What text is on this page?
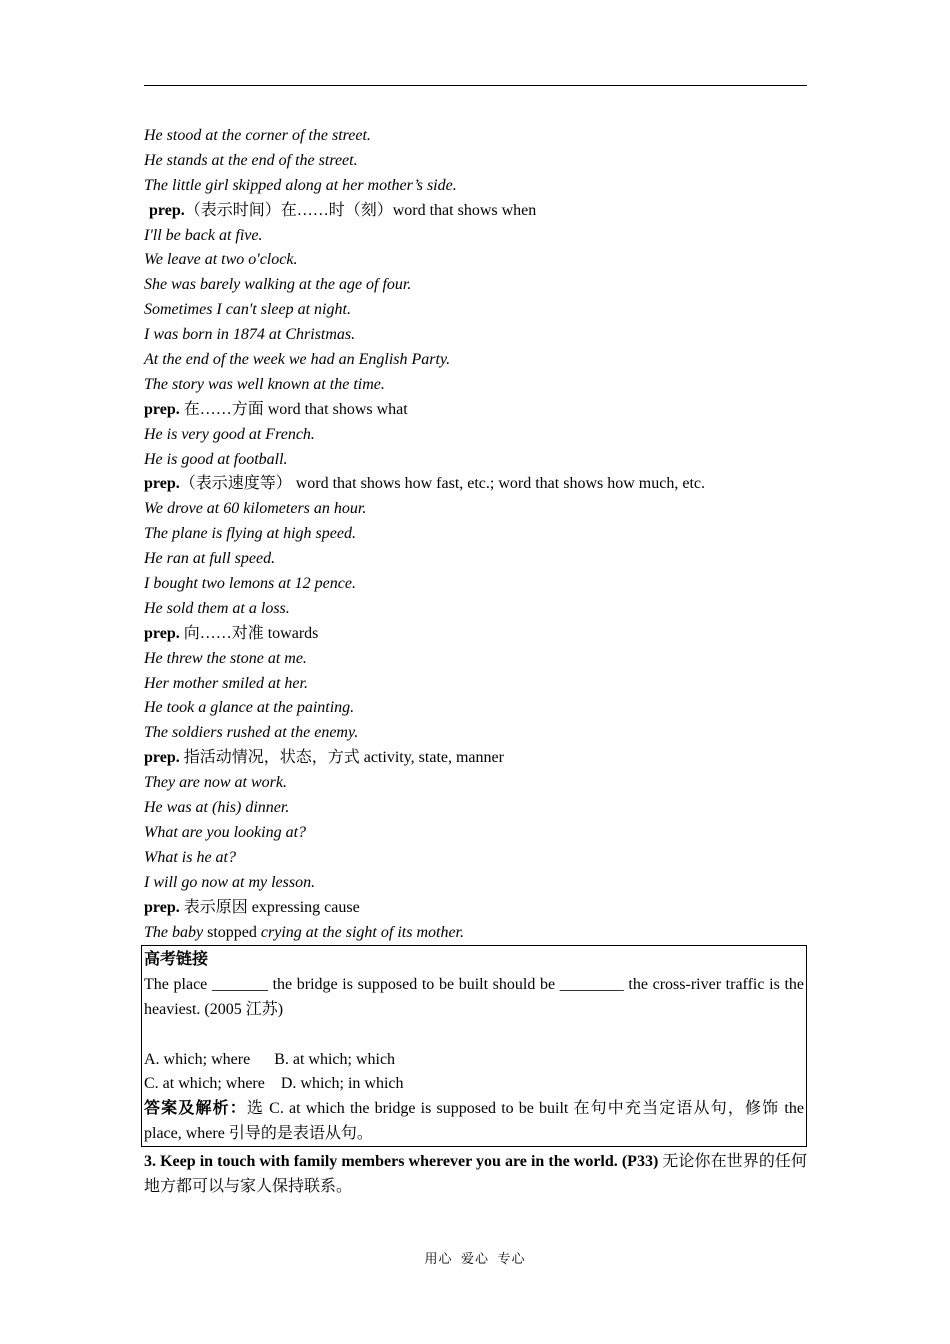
He stood at the corner of the street.
He stands at the end of the street.
The little girl skipped along at her mother’s side.
prep.（表示时间）在……时（刻）word that shows when
I'll be back at five.
We leave at two o'clock.
She was barely walking at the age of four.
Sometimes I can't sleep at night.
I was born in 1874 at Christmas.
At the end of the week we had an English Party.
The story was well known at the time.
prep. 在……方面 word that shows what
He is very good at French.
He is good at football.
prep.（表示速度等） word that shows how fast, etc.; word that shows how much, etc.
We drove at 60 kilometers an hour.
The plane is flying at high speed.
He ran at full speed.
I bought two lemons at 12 pence.
He sold them at a loss.
prep. 向……对准 towards
He threw the stone at me.
Her mother smiled at her.
He took a glance at the painting.
The soldiers rushed at the enemy.
prep. 指活动情况，状态，方式 activity, state, manner
They are now at work.
He was at (his) dinner.
What are you looking at?
What is he at?
I will go now at my lesson.
prep. 表示原因 expressing cause
The baby stopped crying at the sight of its mother.
高考链接
The place _______ the bridge is supposed to be built should be ________ the cross-river traffic is the heaviest. (2005 江苏)
A. which; where      B. at which; which
C. at which; where    D. which; in which
答案及解析：选 C. at which the bridge is supposed to be built 在句中充当定语从句，修饰 the place, where 引导的是表语从句。
3. Keep in touch with family members wherever you are in the world. (P33) 无论你在世界的任何地方都可以与家人保持联系。
用心  爱心  专心
